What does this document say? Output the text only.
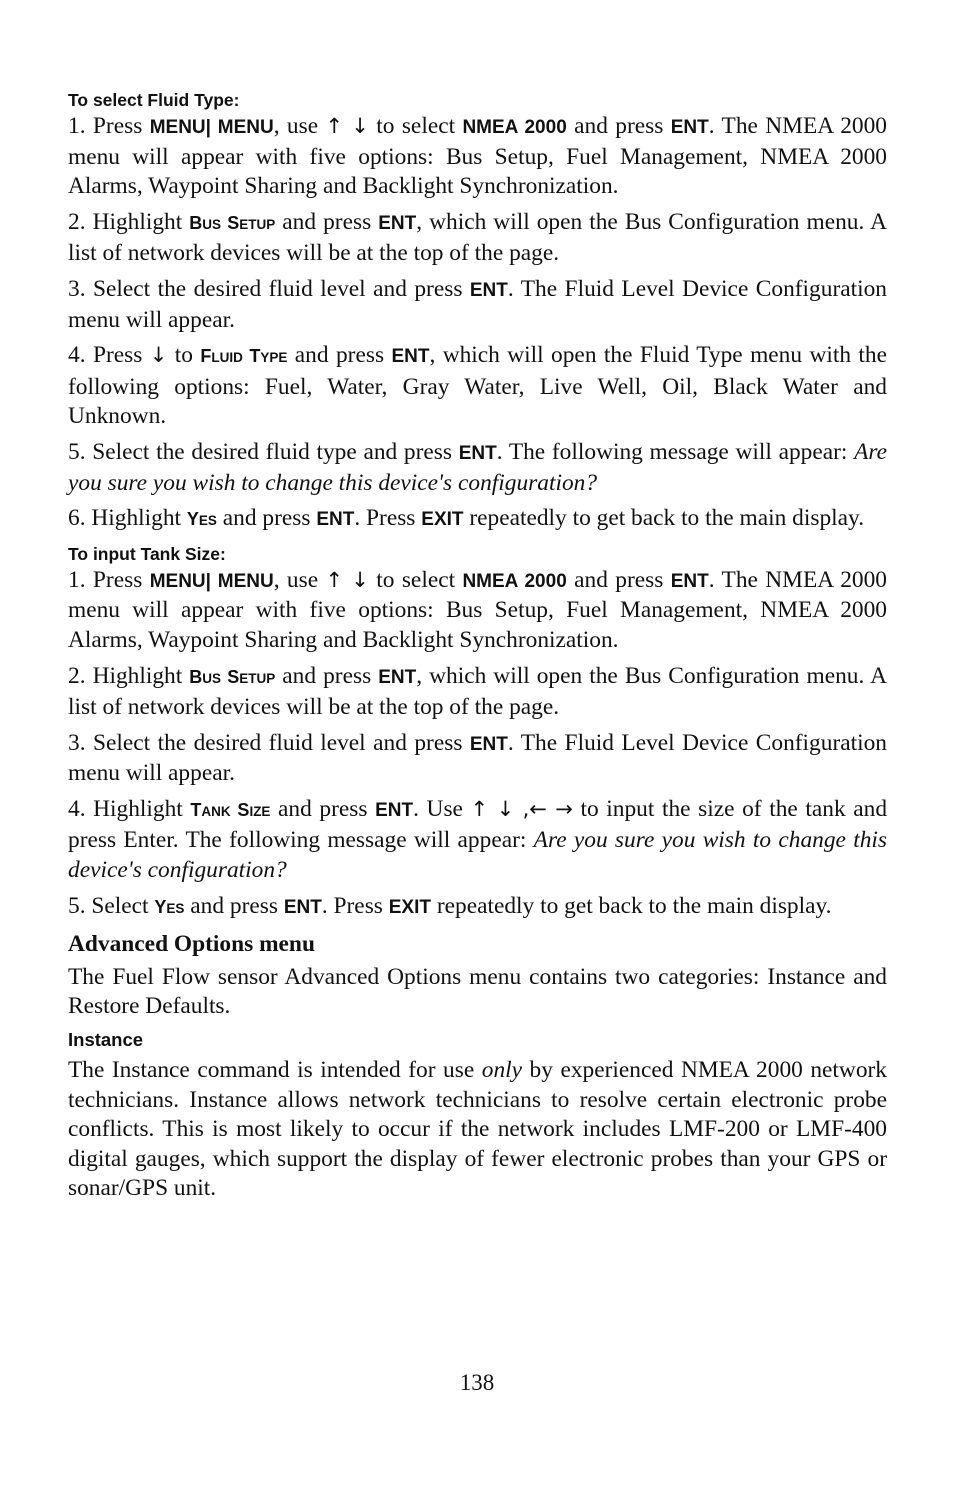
To select Fluid Type:

1. Press MENU| MENU, use ↑ ↓ to select NMEA 2000 and press ENT. The NMEA 2000 menu will appear with five options: Bus Setup, Fuel Management, NMEA 2000 Alarms, Waypoint Sharing and Backlight Synchronization.

2. Highlight BUS SETUP and press ENT, which will open the Bus Configuration menu. A list of network devices will be at the top of the page.

3. Select the desired fluid level and press ENT. The Fluid Level Device Configuration menu will appear.

4. Press ↓ to FLUID TYPE and press ENT, which will open the Fluid Type menu with the following options: Fuel, Water, Gray Water, Live Well, Oil, Black Water and Unknown.

5. Select the desired fluid type and press ENT. The following message will appear: Are you sure you wish to change this device's configuration?

6. Highlight YES and press ENT. Press EXIT repeatedly to get back to the main display.

To input Tank Size:

1. Press MENU| MENU, use ↑ ↓ to select NMEA 2000 and press ENT. The NMEA 2000 menu will appear with five options: Bus Setup, Fuel Management, NMEA 2000 Alarms, Waypoint Sharing and Backlight Synchronization.

2. Highlight BUS SETUP and press ENT, which will open the Bus Configuration menu. A list of network devices will be at the top of the page.

3. Select the desired fluid level and press ENT. The Fluid Level Device Configuration menu will appear.

4. Highlight TANK SIZE and press ENT. Use ↑ ↓ ,← → to input the size of the tank and press Enter. The following message will appear: Are you sure you wish to change this device's configuration?

5. Select YES and press ENT. Press EXIT repeatedly to get back to the main display.

Advanced Options menu

The Fuel Flow sensor Advanced Options menu contains two categories: Instance and Restore Defaults.

Instance

The Instance command is intended for use only by experienced NMEA 2000 network technicians. Instance allows network technicians to resolve certain electronic probe conflicts. This is most likely to occur if the network includes LMF-200 or LMF-400 digital gauges, which support the display of fewer electronic probes than your GPS or sonar/GPS unit.

138
